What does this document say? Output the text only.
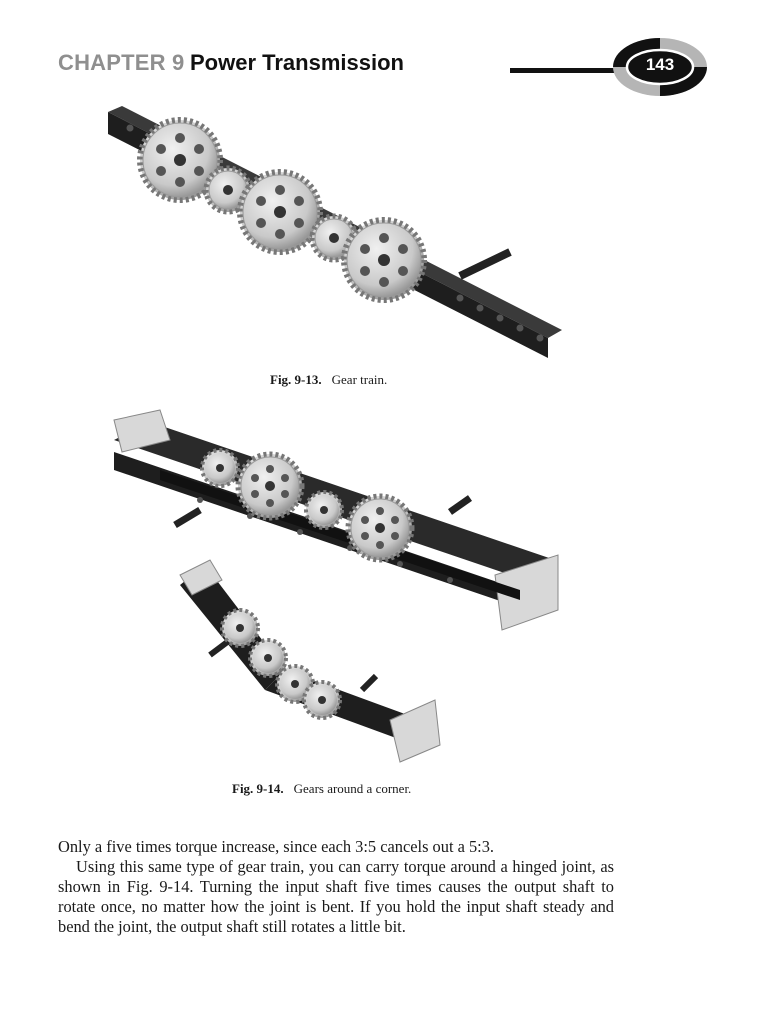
CHAPTER 9 Power Transmission	143
Fig. 9-13. Gear train.
Fig. 9-14. Gears around a corner.

Only a five times torque increase, since each 3:5 cancels out a 5:3.

Using this same type of gear train, you can carry torque around a hinged joint, as shown in Fig. 9-14. Turning the input shaft five times causes the output shaft to rotate once, no matter how the joint is bent. If you hold the input shaft steady and bend the joint, the output shaft still rotates a little bit.
